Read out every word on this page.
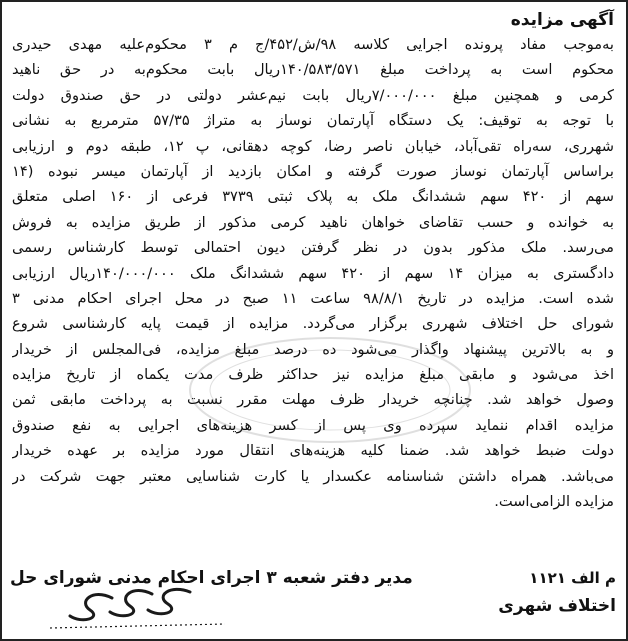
آگهی مزایده
به‌موجب مفاد پرونده اجرایی کلاسه ۹۸/ش/۴۵۲/ج م ۳ محکوم‌علیه مهدی حیدری
محکوم است به پرداخت مبلغ ۱۴۰/۵۸۳/۵۷۱ریال بابت محکوم‌به در حق ناهید
کرمی و همچنین مبلغ ۷/۰۰۰/۰۰۰ریال بابت نیم‌عشر دولتی در حق صندوق دولت
با توجه به توقیف: یک دستگاه آپارتمان نوساز به متراژ ۵۷/۳۵ مترمربع به نشانی
شهرری، سه‌راه تقی‌آباد، خیابان ناصر رضا، کوچه دهقانی، پ ۱۲، طبقه دوم و ارزیابی
براساس آپارتمان نوساز صورت گرفته و امکان بازدید از آپارتمان میسر نبوده (۱۴
سهم از ۴۲۰ سهم ششدانگ ملک به پلاک ثبتی ۳۷۳۹ فرعی از ۱۶۰ اصلی متعلق
به خوانده و حسب تقاضای خواهان ناهید کرمی مذکور از طریق مزایده به فروش
می‌رسد. ملک مذکور بدون در نظر گرفتن دیون احتمالی توسط کارشناس رسمی
دادگستری به میزان ۱۴ سهم از ۴۲۰ سهم ششدانگ ملک ۱۴۰/۰۰۰/۰۰۰ریال ارزیابی
شده است. مزایده در تاریخ ۹۸/۸/۱ ساعت ۱۱ صبح در محل اجرای احکام مدنی ۳
شورای حل اختلاف شهرری برگزار می‌گردد. مزایده از قیمت پایه کارشناسی شروع
و به بالاترین پیشنهاد واگذار می‌شود ده درصد مبلغ مزایده، فی‌المجلس از خریدار
اخذ می‌شود و مابقی مبلغ مزایده نیز حداکثر ظرف مدت یکماه از تاریخ مزایده
وصول خواهد شد. چنانچه خریدار ظرف مهلت مقرر نسبت به پرداخت مابقی ثمن
مزایده اقدام ننماید سپرده وی پس از کسر هزینه‌های اجرایی به نفع صندوق
دولت ضبط خواهد شد. ضمنا کلیه هزینه‌های انتقال مورد مزایده بر عهده خریدار
می‌باشد. همراه داشتن شناسنامه عکسدار یا کارت شناسایی معتبر جهت شرکت در
مزایده الزامی‌است.
م الف ۱۱۲۱
مدیر دفتر شعبه ۳ اجرای احکام مدنی شورای حل
اختلاف شهری
